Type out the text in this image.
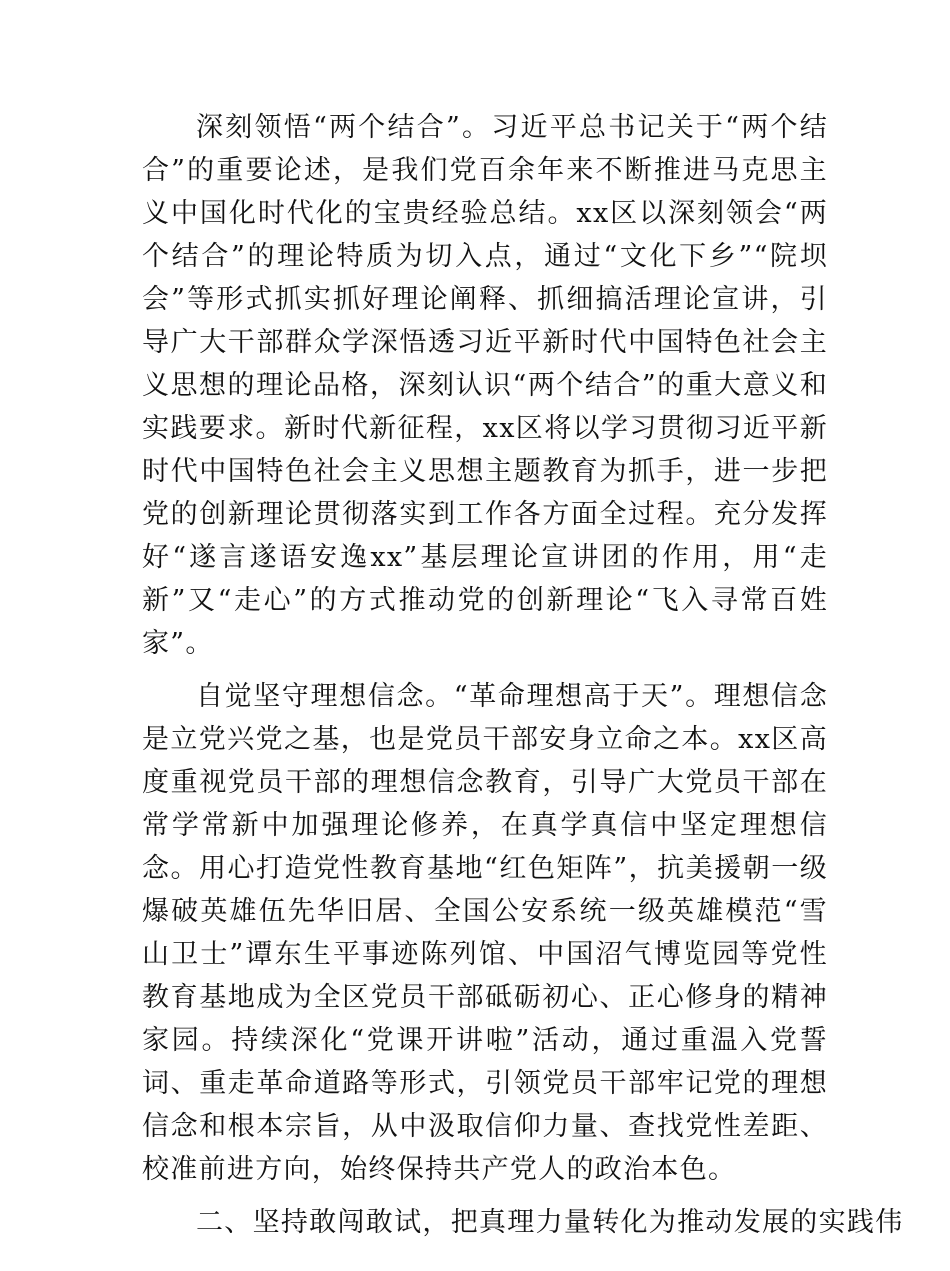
深刻领悟“两个结合”。习近平总书记关于“两个结合”的重要论述，是我们党百余年来不断推进马克思主义中国化时代化的宝贵经验总结。xx区以深刻领会“两个结合”的理论特质为切入点，通过“文化下乡”“院坝会”等形式抓实抓好理论阐释、抓细搞活理论宣讲，引导广大干部群众学深悟透习近平新时代中国特色社会主义思想的理论品格，深刻认识“两个结合”的重大意义和实践要求。新时代新征程，xx区将以学习贯彻习近平新时代中国特色社会主义思想主题教育为抓手，进一步把党的创新理论贯彻落实到工作各方面全过程。充分发挥好“遂言遂语安逸xx”基层理论宣讲团的作用，用“走新”又“走心”的方式推动党的创新理论“飞入寻常百姓家”。

自觉坚守理想信念。“革命理想高于天”。理想信念是立党兴党之基，也是党员干部安身立命之本。xx区高度重视党员干部的理想信念教育，引导广大党员干部在常学常新中加强理论修养，在真学真信中坚定理想信念。用心打造党性教育基地“红色矩阵”，抗美援朝一级爆破英雄伍先华旧居、全国公安系统一级英雄模范“雪山卫士”谭东生平事迹陈列馆、中国沼气博览园等党性教育基地成为全区党员干部砥砺初心、正心修身的精神家园。持续深化“党课开讲啦”活动，通过重温入党誓词、重走革命道路等形式，引领党员干部牢记党的理想信念和根本宗旨，从中汲取信仰力量、查找党性差距、校准前进方向，始终保持共产党人的政治本色。

二、坚持敢闯敢试，把真理力量转化为推动发展的实践伟
